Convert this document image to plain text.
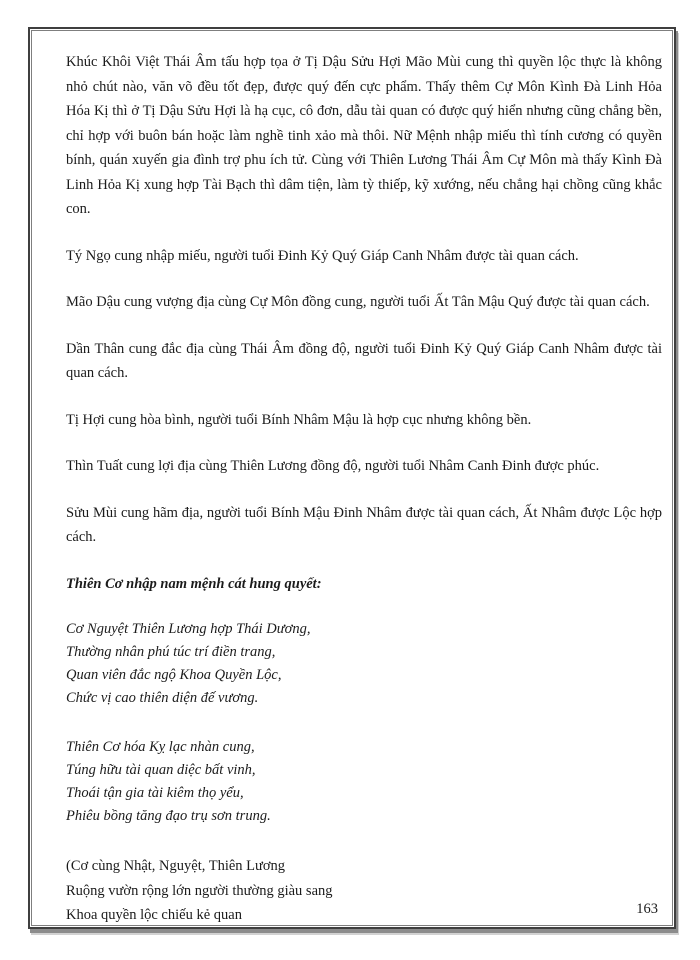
163

Khúc Khôi Việt Thái Âm tấu hợp tọa ở Tị Dậu Sửu Hợi Mão Mùi cung thì quyền lộc thực là không nhỏ chút nào, văn võ đều tốt đẹp, được quý đến cực phẩm. Thấy thêm Cự Môn Kình Đà Linh Hỏa Hóa Kị thì ở Tị Dậu Sửu Hợi là hạ cục, cô đơn, dẫu tài quan có được quý hiển nhưng cũng chẳng bền, chỉ hợp với buôn bán hoặc làm nghề tinh xảo mà thôi. Nữ Mệnh nhập miếu thì tính cương có quyền bính, quán xuyến gia đình trợ phu ích tử. Cùng với Thiên Lương Thái Âm Cự Môn mà thấy Kình Đà Linh Hỏa Kị xung hợp Tài Bạch thì dâm tiện, làm tỳ thiếp, kỹ xướng, nếu chẳng hại chồng cũng khắc con.

Tý Ngọ cung nhập miếu, người tuổi Đinh Kỷ Quý Giáp Canh Nhâm được tài quan cách.

Mão Dậu cung vượng địa cùng Cự Môn đồng cung, người tuổi Ất Tân Mậu Quý được tài quan cách.

Dần Thân cung đắc địa cùng Thái Âm đồng độ, người tuổi Đinh Kỷ Quý Giáp Canh Nhâm được tài quan cách.

Tị Hợi cung hòa bình, người tuổi Bính Nhâm Mậu là hợp cục nhưng không bền.

Thìn Tuất cung lợi địa cùng Thiên Lương đồng độ, người tuổi Nhâm Canh Đinh được phúc.

Sửu Mùi cung hãm địa, người tuổi Bính Mậu Đinh Nhâm được tài quan cách, Ất Nhâm được Lộc hợp cách.

Thiên Cơ nhập nam mệnh cát hung quyết:

Cơ Nguyệt Thiên Lương hợp Thái Dương,
Thường nhân phú túc trí điền trang,
Quan viên đắc ngộ Khoa Quyền Lộc,
Chức vị cao thiên diện đế vương.
Thiên Cơ hóa Kỵ lạc nhàn cung,
Túng hữu tài quan diệc bất vinh,
Thoái tận gia tài kiêm thọ yểu,
Phiêu bồng tăng đạo trụ sơn trung.
(Cơ cùng Nhật, Nguyệt, Thiên Lương
Ruộng vườn rộng lớn người thường giàu sang
Khoa quyền lộc chiếu kẻ quan
